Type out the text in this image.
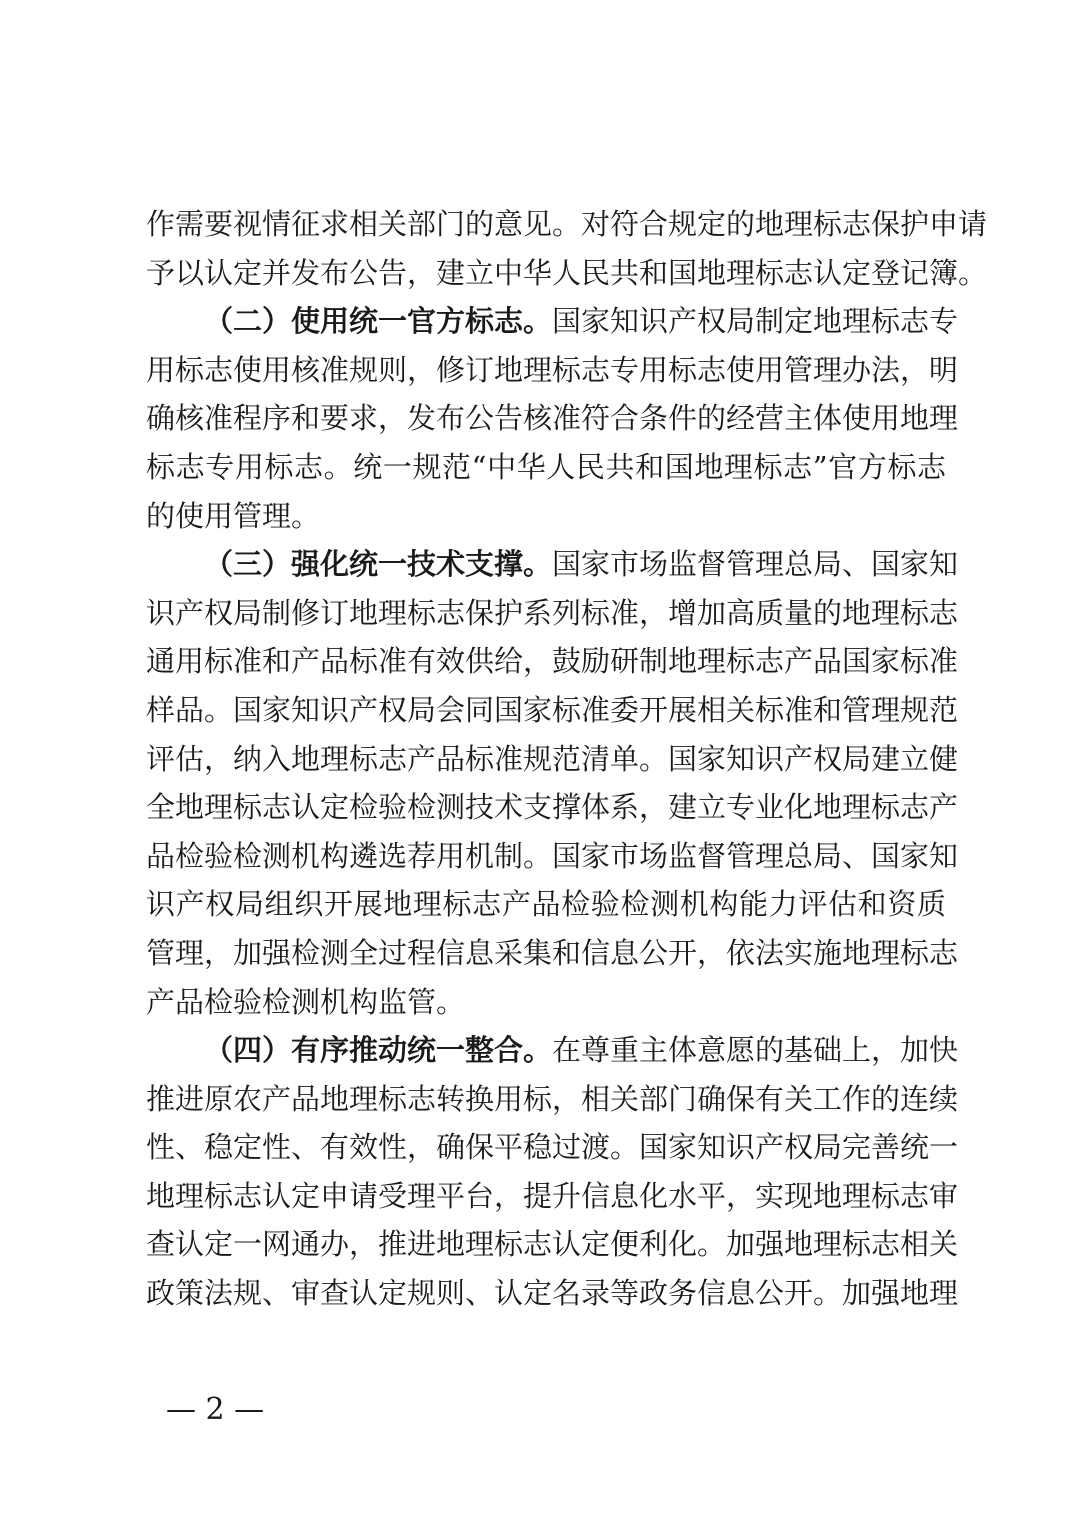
作需要视情征求相关部门的意见。对符合规定的地理标志保护申请
予以认定并发布公告，建立中华人民共和国地理标志认定登记簿。
（二）使用统一官方标志。国家知识产权局制定地理标志专
用标志使用核准规则，修订地理标志专用标志使用管理办法，明
确核准程序和要求，发布公告核准符合条件的经营主体使用地理
标志专用标志。统一规范“中华人民共和国地理标志”官方标志
的使用管理。
（三）强化统一技术支撑。国家市场监督管理总局、国家知
识产权局制修订地理标志保护系列标准，增加高质量的地理标志
通用标准和产品标准有效供给，鼓励研制地理标志产品国家标准
样品。国家知识产权局会同国家标准委开展相关标准和管理规范
评估，纳入地理标志产品标准规范清单。国家知识产权局建立健
全地理标志认定检验检测技术支撑体系，建立专业化地理标志产
品检验检测机构遴选荐用机制。国家市场监督管理总局、国家知
识产权局组织开展地理标志产品检验检测机构能力评估和资质
管理，加强检测全过程信息采集和信息公开，依法实施地理标志
产品检验检测机构监管。
（四）有序推动统一整合。在尊重主体意愿的基础上，加快
推进原农产品地理标志转换用标，相关部门确保有关工作的连续
性、稳定性、有效性，确保平稳过渡。国家知识产权局完善统一
地理标志认定申请受理平台，提升信息化水平，实现地理标志审
查认定一网通办，推进地理标志认定便利化。加强地理标志相关
政策法规、审查认定规则、认定名录等政务信息公开。加强地理
— 2 —
